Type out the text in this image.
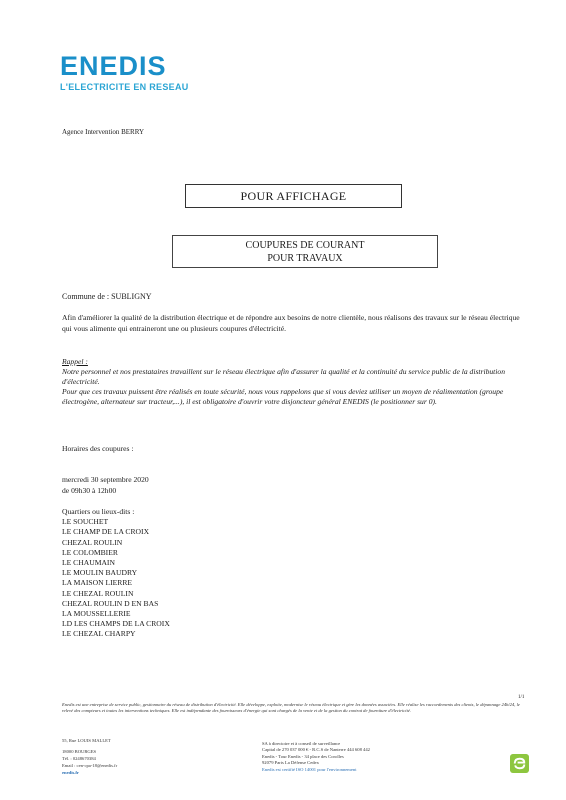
ENEDIS
L'ELECTRICITE EN RESEAU
Agence Intervention BERRY
POUR AFFICHAGE
COUPURES DE COURANT
POUR TRAVAUX
Commune de : SUBLIGNY
Afin d'améliorer la qualité de la distribution électrique et de répondre aux besoins de notre clientèle, nous réalisons des travaux sur le réseau électrique qui vous alimente qui entraineront une ou plusieurs coupures d'électricité.
Rappel :
Notre personnel et nos prestataires travaillent sur le réseau électrique afin d'assurer la qualité et la continuité du service public de la distribution d'électricité.
Pour que ces travaux puissent être réalisés en toute sécurité, nous vous rappelons que si vous deviez utiliser un moyen de réalimentation (groupe électrogène, alternateur sur tracteur,...), il est obligatoire d'ouvrir votre disjoncteur général ENEDIS (le positionner sur 0).
Horaires des coupures :
mercredi 30 septembre 2020
de 09h30 à 12h00
Quartiers ou lieux-dits :
LE SOUCHET
LE CHAMP DE LA CROIX
CHEZAL ROULIN
LE COLOMBIER
LE CHAUMAIN
LE MOULIN BAUDRY
LA MAISON LIERRE
LE CHEZAL ROULIN
CHEZAL ROULIN D EN BAS
LA MOUSSELLERIE
LD LES CHAMPS DE LA CROIX
LE CHEZAL CHARPY
1/1
Enedis est une entreprise de service public, gestionnaire du réseau de distribution d'électricité. Elle développe, exploite, modernise le réseau électrique et gère les données associées. Elle réalise les raccordements des clients, le dépannage 24h/24, le relevé des compteurs et toutes les interventions techniques. Elle est indépendante des fournisseurs d'énergie qui sont chargés de la vente et de la gestion du contrat de fourniture d'électricité.
55, Rue LOUIS MALLET
18000 BOURGES
Tél. : 0248670384
Email : cen-cpa-18@enedis.fr
enedis.fr
SA à directoire et à conseil de surveillance
Capital de 270 037 000 € - R.C.S de Nanterre 444 608 442
Enedis - Tour Enedis - 34 place des Corolles
92079 Paris La Défense Cedex
Enedis est certifié ISO 14001 pour l'environnement
